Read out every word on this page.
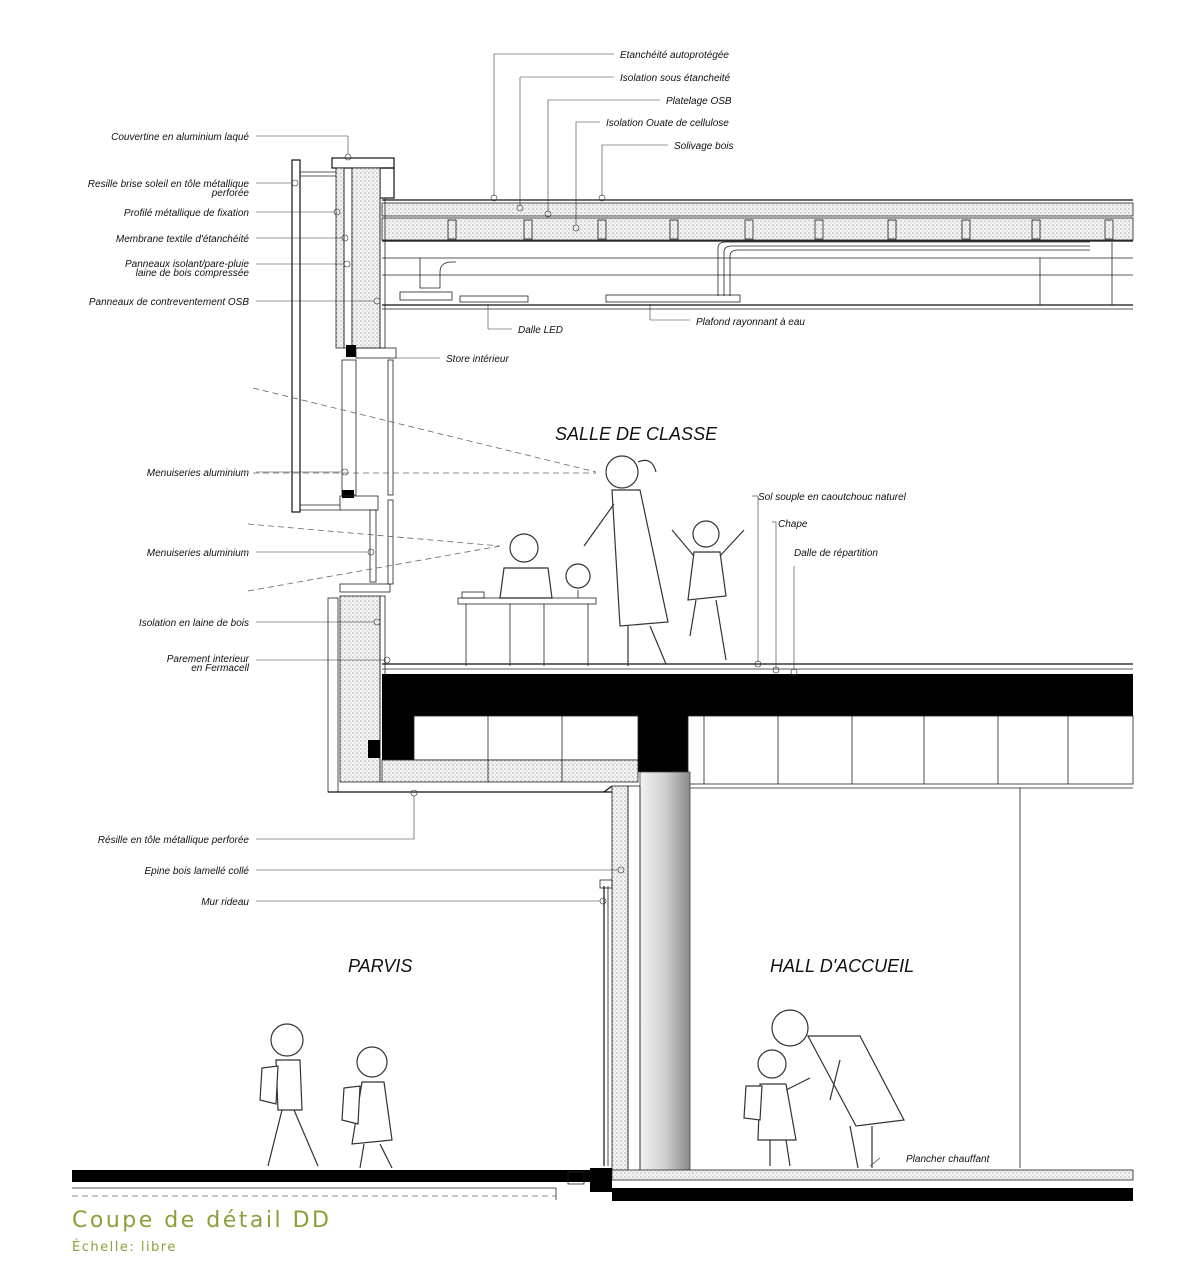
Couvertine en aluminium laqué
Resille brise soleil en tôle métallique
perforée
Profilé métallique de fixation
Membrane textile d'étanchéité
Panneaux isolant/pare-pluie
laine de bois compressée
Panneaux de contreventement OSB
Menuiseries aluminium
Menuiseries aluminium
Isolation en laine de bois
Parement interieur
en Fermacell
Résille en tôle métallique perforée
Epine bois lamellé collé
Mur rideau
Etanchéité autoprotégée
Isolation sous étancheité
Platelage OSB
Isolation Ouate de cellulose
Solivage bois
Dalle LED
Plafond rayonnant à eau
Store intérieur
Sol souple en caoutchouc naturel
Chape
Dalle de répartition
Plancher chauffant
SALLE DE CLASSE
PARVIS	HALL D'ACCUEIL
Coupe de détail DD
Échelle: libre
